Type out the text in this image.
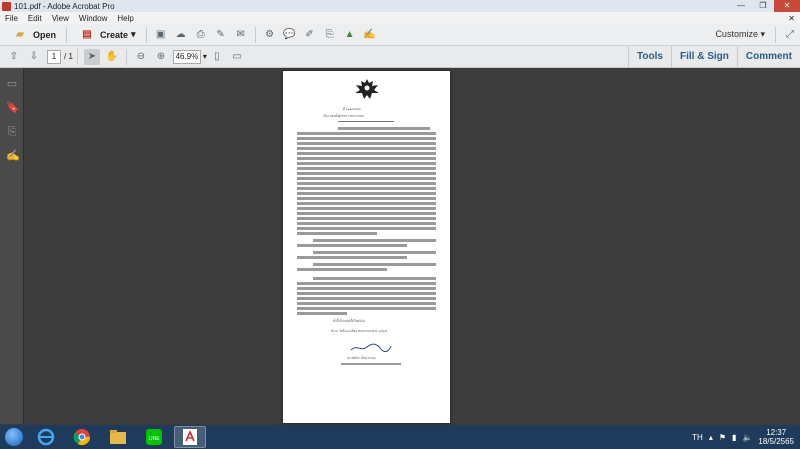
101.pdf - Adobe Acrobat Pro	—	❐	✕
File	Edit	View	Window	Help	✕
▰	Open	▤ Create ▾	▣	☁	⎙	✎	✉	⚙ 💬 ✐	⎘	▲ ✍	Customize ▾	⤢
⇧	⇩	1 / 1	➤ ✋	⊖	⊕	46.9% ▾ ▯	▭	Tools	Fill & Sign	Comment
▭
🔖
⎘
✍
ที่ ๑๑๑/๒๕๖๕
เรื่อง แต่งตั้งผู้รักษาราชการแทน
ทั้งนี้ ตั้งแต่บัดนี้เป็นต้นไป
สั่ง ณ วันที่ ๑๘ เดือน พฤษภาคม พ.ศ. ๒๕๖๕
(นายสุริยา ปั้นสุวรรณ)
LINE	TH ▴ ⚑ ▮ 🔈	12:37
18/5/2565
